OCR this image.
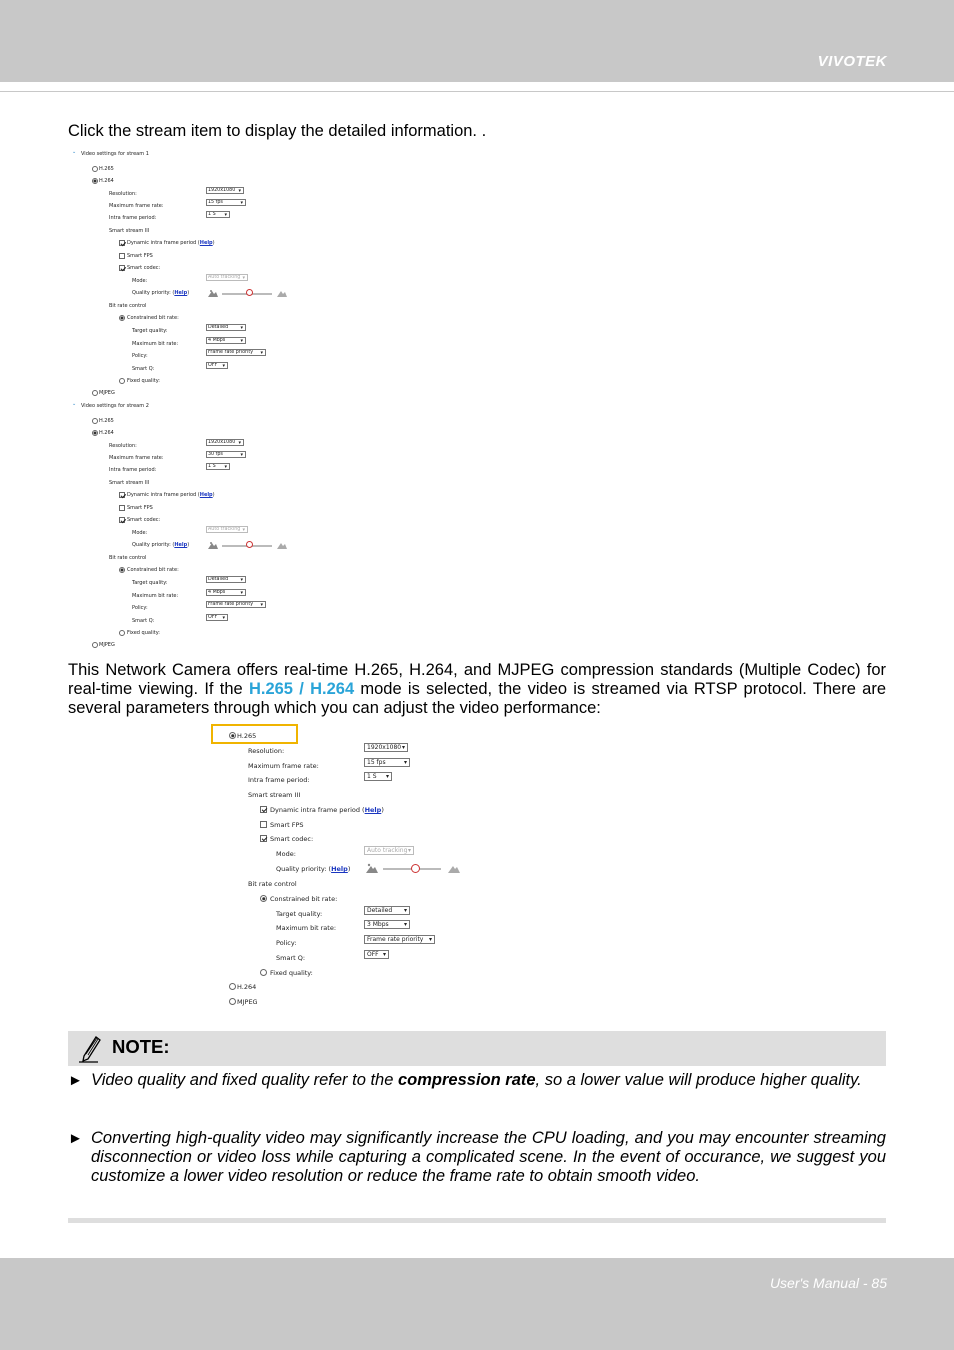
VIVOTEK
Click the stream item to display the detailed information. .
⌄ Video settings for stream 1
H.265
H.264
Resolution:
1920x1080 ▾
Maximum frame rate:
15 fps	▾
Intra frame period:
1 S ▾
Smart stream III
Dynamic intra frame period (Help)
Smart FPS
Smart codec:
Mode:
Auto tracking ▾
Quality priority: (Help)
Bit rate control
Constrained bit rate:
Target quality:
Detailed ▾
Maximum bit rate:
4 Mbps	▾
Policy:
Frame rate priority ▾
Smart Q:
OFF ▾
Fixed quality:
MJPEG
⌄ Video settings for stream 2
H.265
H.264
Resolution:
1920x1080 ▾
Maximum frame rate:
30 fps	▾
Intra frame period:
1 S ▾
Smart stream III
Dynamic intra frame period (Help)
Smart FPS
Smart codec:
Mode:
Auto tracking ▾
Quality priority: (Help)
Bit rate control
Constrained bit rate:
Target quality:
Detailed ▾
Maximum bit rate:
4 Mbps	▾
Policy:
Frame rate priority ▾
Smart Q:
OFF ▾
Fixed quality:
MJPEG
This Network Camera offers real-time H.265, H.264, and MJPEG compression standards (Multiple Codec) for real-time viewing. If the H.265 / H.264 mode is selected, the video is streamed via RTSP protocol. There are several parameters through which you can adjust the video performance:
H.265
Resolution:	1920x1080 ▾
Maximum frame rate:	15 fps	▾
Intra frame period:	1 S ▾
Smart stream III
Dynamic intra frame period (Help)
Smart FPS
Smart codec:
Mode:	Auto tracking ▾
Quality priority: (Help)
Bit rate control
Constrained bit rate:
Target quality:	Detailed ▾
Maximum bit rate:	3 Mbps	▾
Policy:	Frame rate priority ▾
Smart Q:	OFF ▾
Fixed quality:
H.264
MJPEG
NOTE:
► Video quality and fixed quality refer to the compression rate, so a lower value will produce higher quality.
► Converting high-quality video may significantly increase the CPU loading, and you may encounter streaming disconnection or video loss while capturing a complicated scene. In the event of occurance, we suggest you customize a lower video resolution or reduce the frame rate to obtain smooth video.
User's Manual - 85
